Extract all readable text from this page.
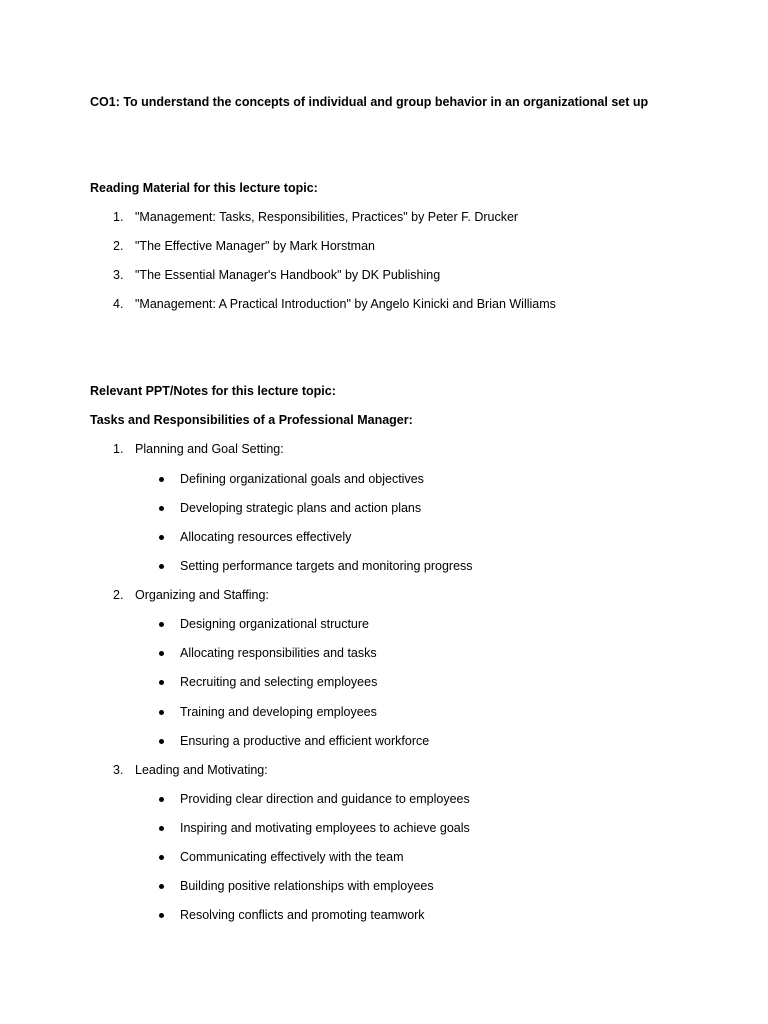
CO1: To understand the concepts of individual and group behavior in an organizational set up
Reading Material for this lecture topic:
1. "Management: Tasks, Responsibilities, Practices" by Peter F. Drucker
2. "The Effective Manager" by Mark Horstman
3. "The Essential Manager's Handbook" by DK Publishing
4. "Management: A Practical Introduction" by Angelo Kinicki and Brian Williams
Relevant PPT/Notes for this lecture topic:
Tasks and Responsibilities of a Professional Manager:
1. Planning and Goal Setting:
Defining organizational goals and objectives
Developing strategic plans and action plans
Allocating resources effectively
Setting performance targets and monitoring progress
2. Organizing and Staffing:
Designing organizational structure
Allocating responsibilities and tasks
Recruiting and selecting employees
Training and developing employees
Ensuring a productive and efficient workforce
3. Leading and Motivating:
Providing clear direction and guidance to employees
Inspiring and motivating employees to achieve goals
Communicating effectively with the team
Building positive relationships with employees
Resolving conflicts and promoting teamwork
